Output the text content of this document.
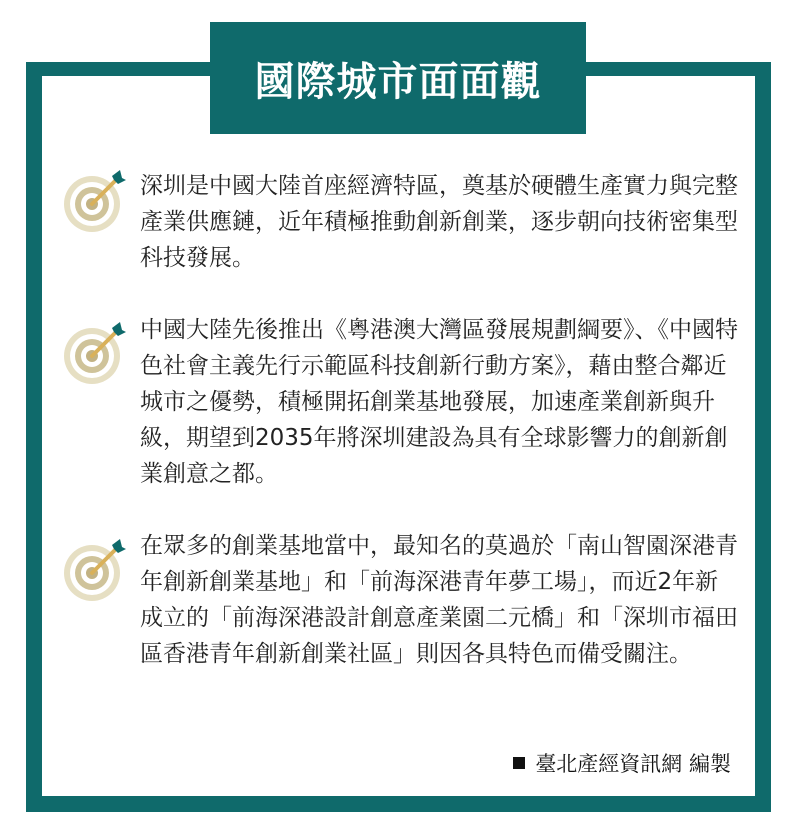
國際城市面面觀
深圳是中國大陸首座經濟特區，奠基於硬體生產實力與完整產業供應鏈，近年積極推動創新創業，逐步朝向技術密集型科技發展。
中國大陸先後推出《粵港澳大灣區發展規劃綱要》、《中國特色社會主義先行示範區科技創新行動方案》，藉由整合鄰近城市之優勢，積極開拓創業基地發展，加速產業創新與升級，期望到2035年將深圳建設為具有全球影響力的創新創業創意之都。
在眾多的創業基地當中，最知名的莫過於「南山智園深港青年創新創業基地」和「前海深港青年夢工場」，而近2年新成立的「前海深港設計創意產業園二元橋」和「深圳市福田區香港青年創新創業社區」則因各具特色而備受關注。
臺北產經資訊網 編製
